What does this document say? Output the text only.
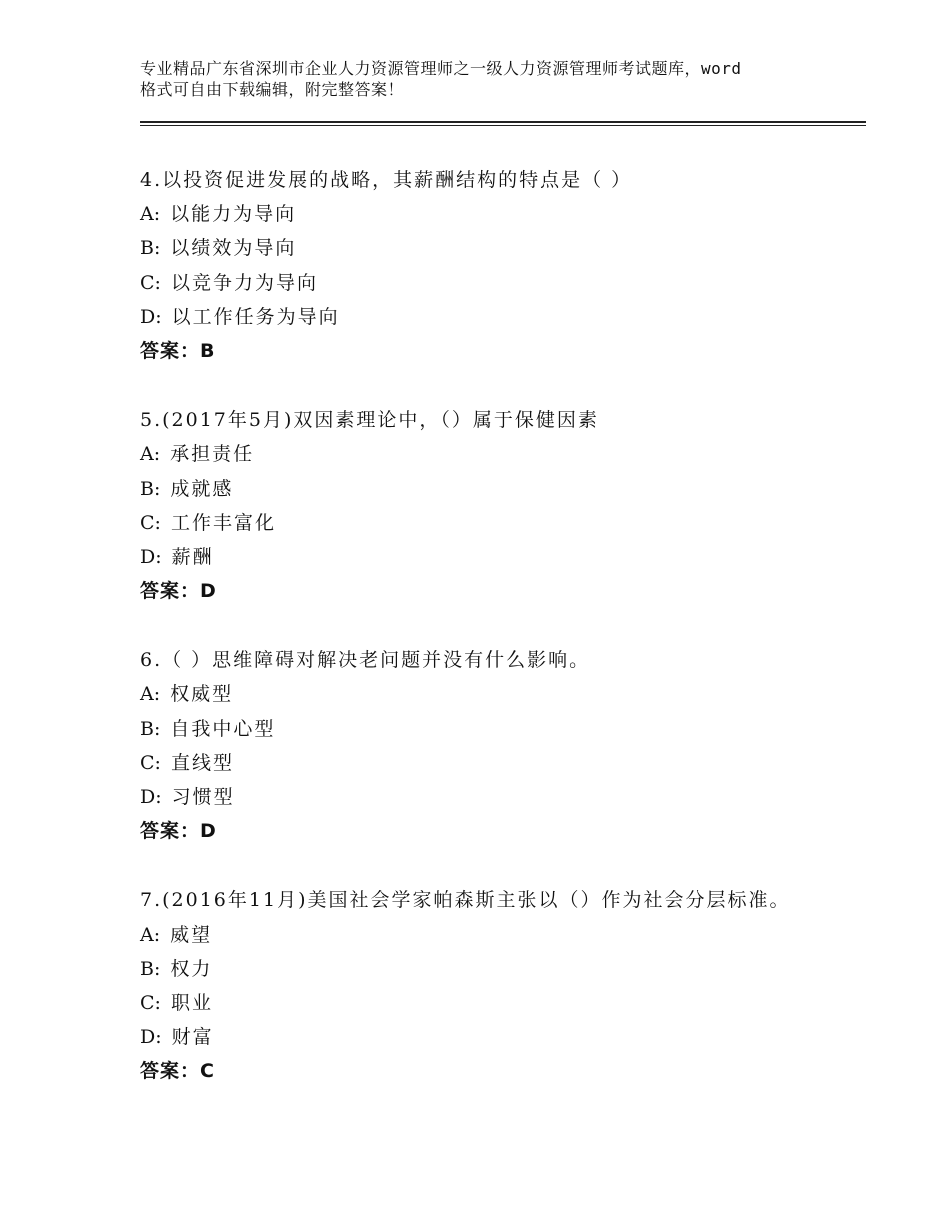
专业精品广东省深圳市企业人力资源管理师之一级人力资源管理师考试题库，word
格式可自由下载编辑，附完整答案！
4.以投资促进发展的战略，其薪酬结构的特点是（ ）
A: 以能力为导向
B: 以绩效为导向
C: 以竞争力为导向
D: 以工作任务为导向
答案：B
5.(2017年5月)双因素理论中，（）属于保健因素
A: 承担责任
B: 成就感
C: 工作丰富化
D: 薪酬
答案：D
6.（ ）思维障碍对解决老问题并没有什么影响。
A: 权威型
B: 自我中心型
C: 直线型
D: 习惯型
答案：D
7.(2016年11月)美国社会学家帕森斯主张以（）作为社会分层标准。
A: 威望
B: 权力
C: 职业
D: 财富
答案：C
